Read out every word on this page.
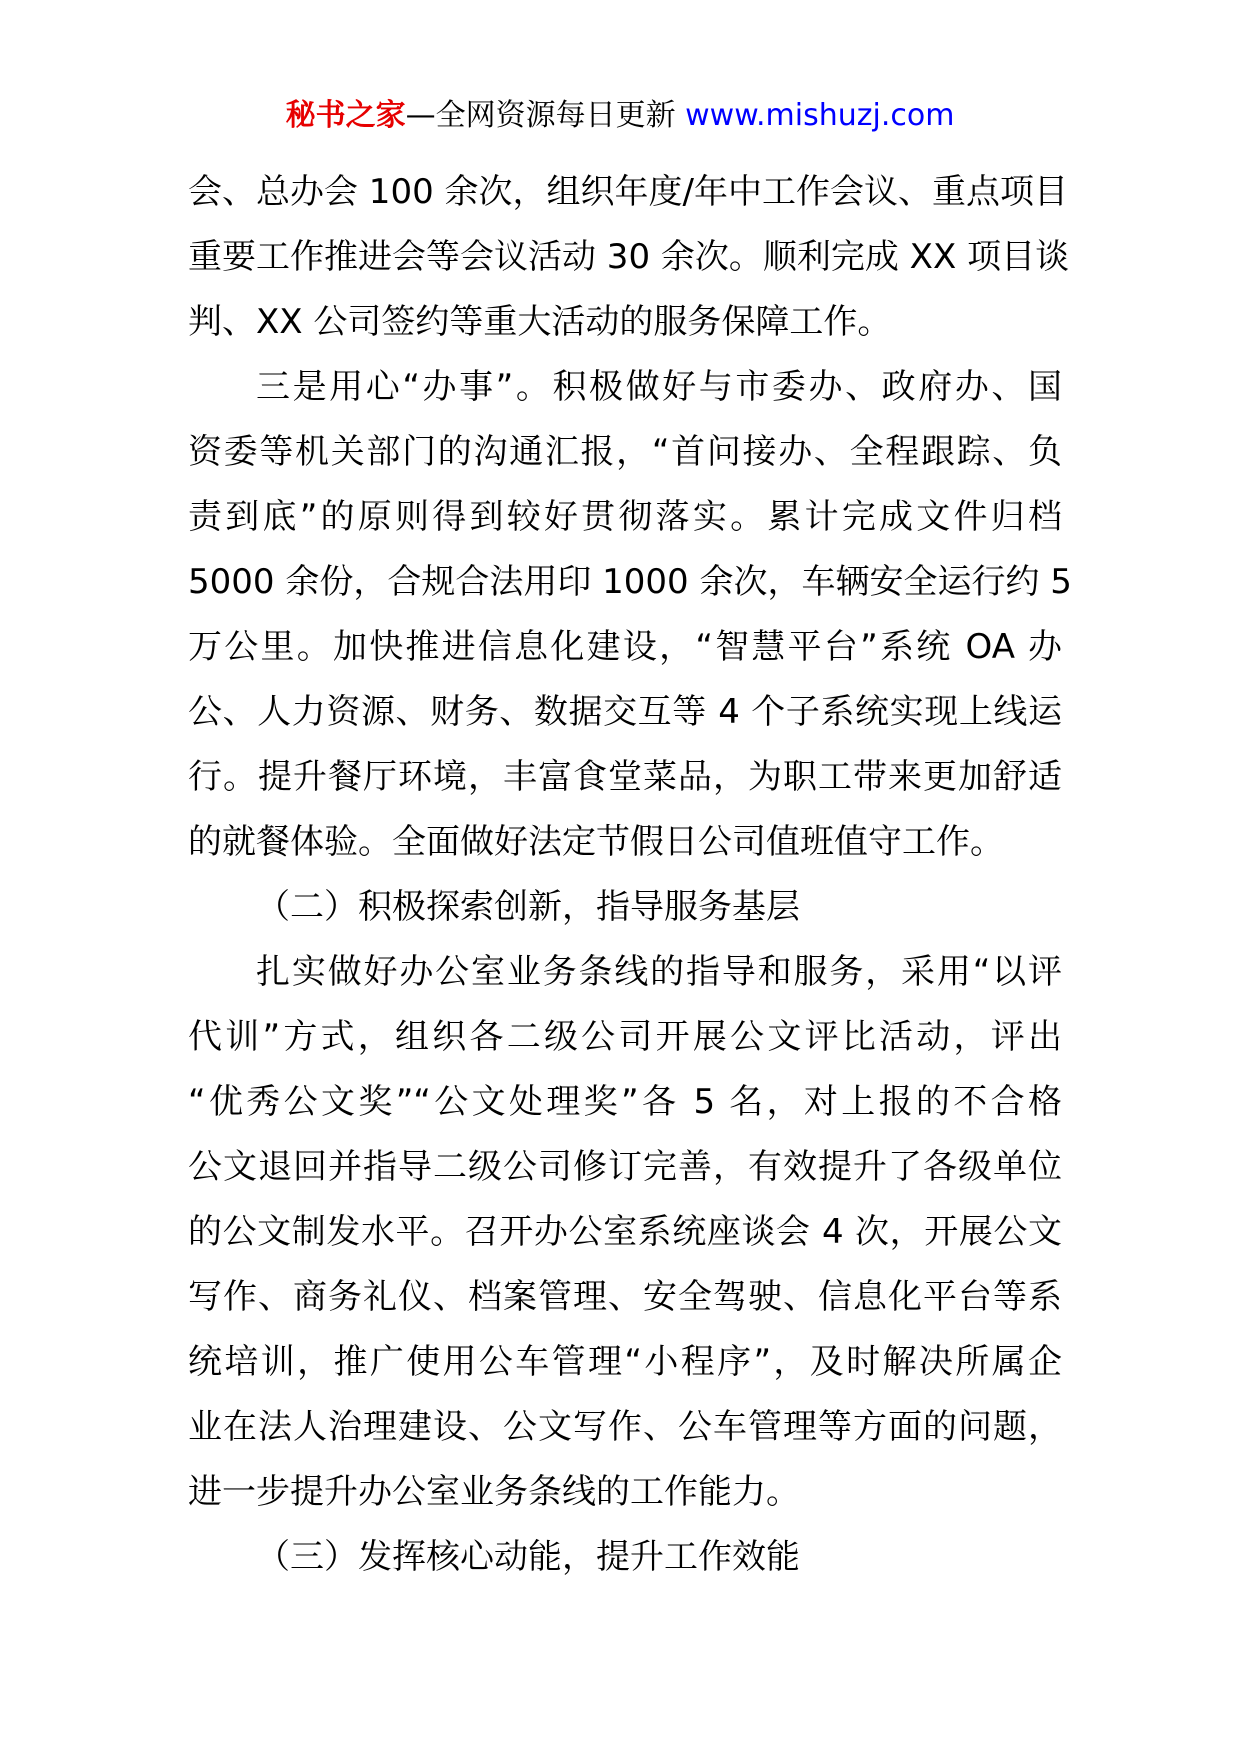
秘书之家—全网资源每日更新 www.mishuzj.com
会、总办会 100 余次，组织年度/年中工作会议、重点项目
重要工作推进会等会议活动 30 余次。顺利完成 XX 项目谈
判、XX 公司签约等重大活动的服务保障工作。
三是用心“办事”。积极做好与市委办、政府办、国
资委等机关部门的沟通汇报，“首问接办、全程跟踪、负
责到底”的原则得到较好贯彻落实。累计完成文件归档
5000 余份，合规合法用印 1000 余次，车辆安全运行约 5
万公里。加快推进信息化建设，“智慧平台”系统 OA 办
公、人力资源、财务、数据交互等 4 个子系统实现上线运
行。提升餐厅环境，丰富食堂菜品，为职工带来更加舒适
的就餐体验。全面做好法定节假日公司值班值守工作。
（二）积极探索创新，指导服务基层
扎实做好办公室业务条线的指导和服务，采用“以评
代训”方式，组织各二级公司开展公文评比活动，评出
“优秀公文奖”“公文处理奖”各 5 名，对上报的不合格
公文退回并指导二级公司修订完善，有效提升了各级单位
的公文制发水平。召开办公室系统座谈会 4 次，开展公文
写作、商务礼仪、档案管理、安全驾驶、信息化平台等系
统培训，推广使用公车管理“小程序”，及时解决所属企
业在法人治理建设、公文写作、公车管理等方面的问题，
进一步提升办公室业务条线的工作能力。
（三）发挥核心动能，提升工作效能
